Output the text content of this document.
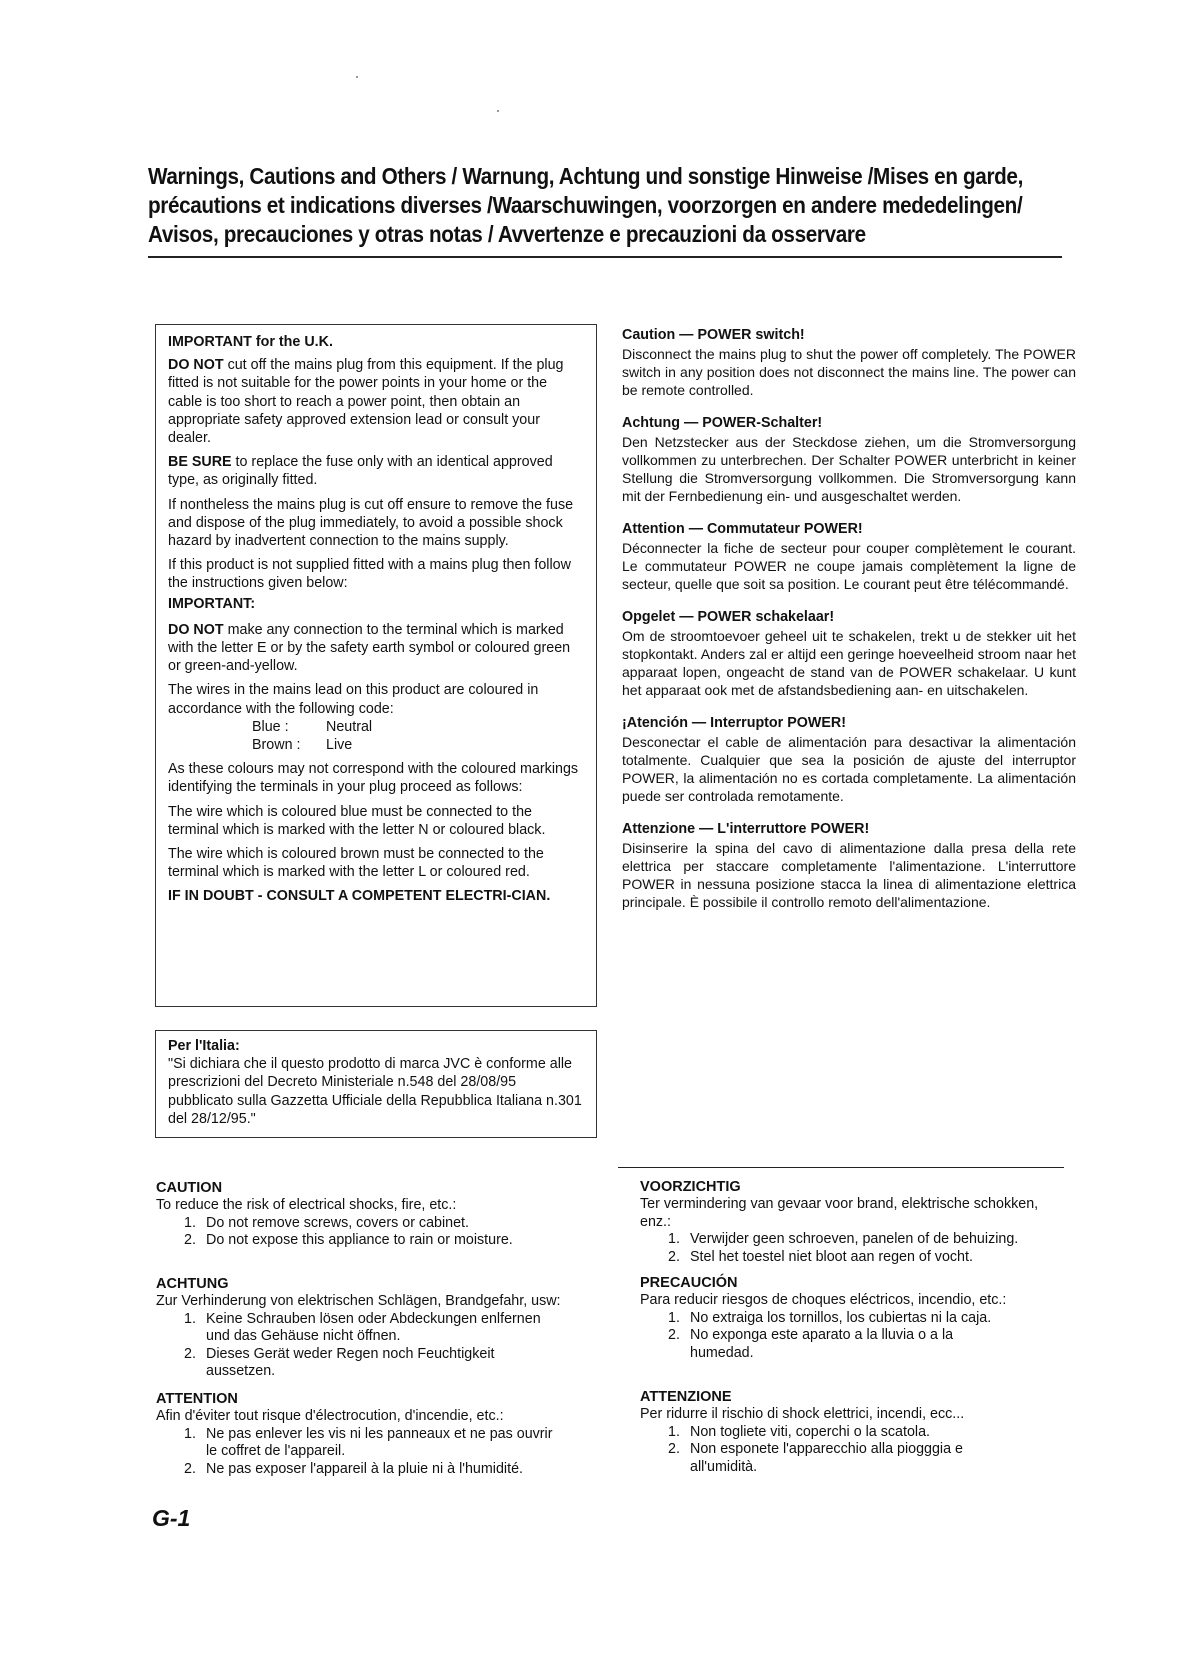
Warnings, Cautions and Others / Warnung, Achtung und sonstige Hinweise /Mises en garde,
précautions et indications diverses /Waarschuwingen, voorzorgen en andere mededelingen/
Avisos, precauciones y otras notas / Avvertenze e precauzioni da osservare

IMPORTANT for the U.K.

DO NOT cut off the mains plug from this equipment. If the plug fitted is not suitable for the power points in your home or the cable is too short to reach a power point, then obtain an appropriate safety approved extension lead or consult your dealer.

BE SURE to replace the fuse only with an identical approved type, as originally fitted.

If nontheless the mains plug is cut off ensure to remove the fuse and dispose of the plug immediately, to avoid a possible shock hazard by inadvertent connection to the mains supply.

If this product is not supplied fitted with a mains plug then follow the instructions given below:

IMPORTANT:

DO NOT make any connection to the terminal which is marked with the letter E or by the safety earth symbol or coloured green or green-and-yellow.

The wires in the mains lead on this product are coloured in accordance with the following code:

Blue :	Neutral
Brown :	Live

As these colours may not correspond with the coloured markings identifying the terminals in your plug proceed as follows:

The wire which is coloured blue must be connected to the terminal which is marked with the letter N or coloured black.

The wire which is coloured brown must be connected to the terminal which is marked with the letter L or coloured red.

IF IN DOUBT - CONSULT A COMPETENT ELECTRI-CIAN.

Per l'Italia:
"Si dichiara che il questo prodotto di marca JVC è conforme alle prescrizioni del Decreto Ministeriale n.548 del 28/08/95 pubblicato sulla Gazzetta Ufficiale della Repubblica Italiana n.301 del 28/12/95."
Caution — POWER switch!
Disconnect the mains plug to shut the power off completely. The POWER switch in any position does not disconnect the mains line. The power can be remote controlled.
Achtung — POWER-Schalter!
Den Netzstecker aus der Steckdose ziehen, um die Stromversorgung vollkommen zu unterbrechen. Der Schalter POWER unterbricht in keiner Stellung die Stromversorgung vollkommen. Die Stromversorgung kann mit der Fernbedienung ein- und ausgeschaltet werden.
Attention — Commutateur POWER!
Déconnecter la fiche de secteur pour couper complètement le courant. Le commutateur POWER ne coupe jamais complètement la ligne de secteur, quelle que soit sa position. Le courant peut être télécommandé.
Opgelet — POWER schakelaar!
Om de stroomtoevoer geheel uit te schakelen, trekt u de stekker uit het stopkontakt. Anders zal er altijd een geringe hoeveelheid stroom naar het apparaat lopen, ongeacht de stand van de POWER schakelaar. U kunt het apparaat ook met de afstandsbediening aan- en uitschakelen.
¡Atención — Interruptor POWER!
Desconectar el cable de alimentación para desactivar la alimentación totalmente. Cualquier que sea la posición de ajuste del interruptor POWER, la alimentación no es cortada completamente. La alimentación puede ser controlada remotamente.
Attenzione — L'interruttore POWER!
Disinserire la spina del cavo di alimentazione dalla presa della rete elettrica per staccare completamente l'alimentazione. L'interruttore POWER in nessuna posizione stacca la linea di alimentazione elettrica principale. È possibile il controllo remoto dell'alimentazione.
CAUTION
To reduce the risk of electrical shocks, fire, etc.:
1. Do not remove screws, covers or cabinet.
2. Do not expose this appliance to rain or moisture.
ACHTUNG
Zur Verhinderung von elektrischen Schlägen, Brandgefahr, usw:
1. Keine Schrauben lösen oder Abdeckungen enlfernen und das Gehäuse nicht öffnen.
2. Dieses Gerät weder Regen noch Feuchtigkeit aussetzen.
ATTENTION
Afin d'éviter tout risque d'électrocution, d'incendie, etc.:
1. Ne pas enlever les vis ni les panneaux et ne pas ouvrir le coffret de l'appareil.
2. Ne pas exposer l'appareil à la pluie ni à l'humidité.
VOORZICHTIG
Ter vermindering van gevaar voor brand, elektrische schokken, enz.:
1. Verwijder geen schroeven, panelen of de behuizing.
2. Stel het toestel niet bloot aan regen of vocht.
PRECAUCIÓN
Para reducir riesgos de choques eléctricos, incendio, etc.:
1. No extraiga los tornillos, los cubiertas ni la caja.
2. No exponga este aparato a la lluvia o a la humedad.
ATTENZIONE
Per ridurre il rischio di shock elettrici, incendi, ecc...
1. Non togliete viti, coperchi o la scatola.
2. Non esponete l'apparecchio alla piogggia e all'umidità.
G-1
